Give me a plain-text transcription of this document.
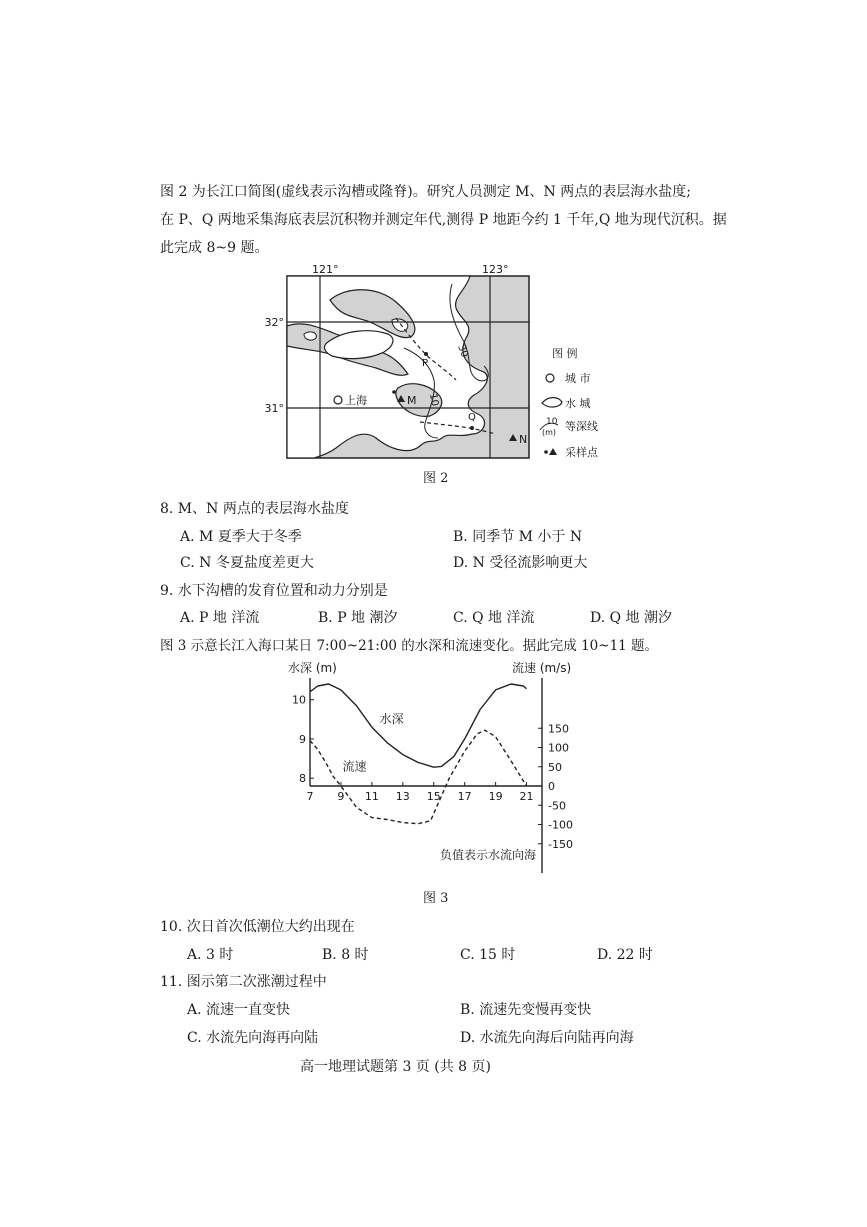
图 2 为长江口简图(虚线表示沟槽或隆脊)。研究人员测定 M、N 两点的表层海水盐度;
在 P、Q 两地采集海底表层沉积物并测定年代,测得 P 地距今约 1 千年,Q 地为现代沉积。据
此完成 8~9 题。
121°	123°
32°
31°
上海	M
P
Q
N
10
30	图 例
城 市
水 城
10
(m) 等深线
采样点
图 2
8. M、N 两点的表层海水盐度
A. M 夏季大于冬季	B. 同季节 M 小于 N
C. N 冬夏盐度差更大	D. N 受径流影响更大
9. 水下沟槽的发育位置和动力分别是
A. P 地 洋流	B. P 地 潮汐	C. Q 地 洋流	D. Q 地 潮汐
图 3 示意长江入海口某日 7:00~21:00 的水深和流速变化。据此完成 10~11 题。
水深 (m)	流速 (m/s)
7 9 11 13 15 17 19 21
10
9
8
150
100
50
0
-50
-100
-150
水深
流速
负值表示水流向海
图 3
10. 次日首次低潮位大约出现在
A. 3 时	B. 8 时	C. 15 时	D. 22 时
11. 图示第二次涨潮过程中
A. 流速一直变快	B. 流速先变慢再变快
C. 水流先向海再向陆	D. 水流先向海后向陆再向海
高一地理试题第 3 页 (共 8 页)
